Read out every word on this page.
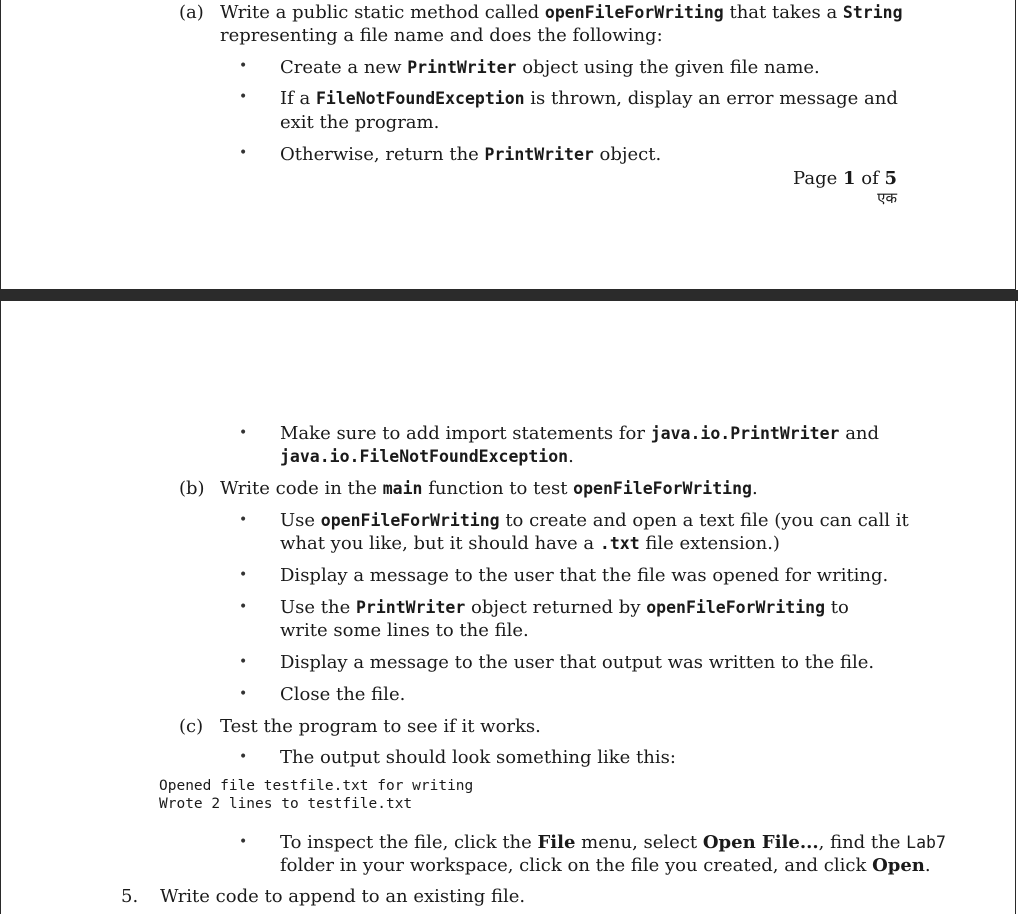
(a) Write a public static method called openFileForWriting that takes a String
representing a file name and does the following:
• Create a new PrintWriter object using the given file name.
• If a FileNotFoundException is thrown, display an error message and
exit the program.
• Otherwise, return the PrintWriter object.
Page 1 of 5
एक
• Make sure to add import statements for java.io.PrintWriter and
java.io.FileNotFoundException.
(b) Write code in the main function to test openFileForWriting.
• Use openFileForWriting to create and open a text file (you can call it
what you like, but it should have a .txt file extension.)
• Display a message to the user that the file was opened for writing.
• Use the PrintWriter object returned by openFileForWriting to
write some lines to the file.
• Display a message to the user that output was written to the file.
• Close the file.
(c) Test the program to see if it works.
• The output should look something like this:
Opened file testfile.txt for writing
Wrote 2 lines to testfile.txt
• To inspect the file, click the File menu, select Open File..., find the Lab7
folder in your workspace, click on the file you created, and click Open.
5. Write code to append to an existing file.
